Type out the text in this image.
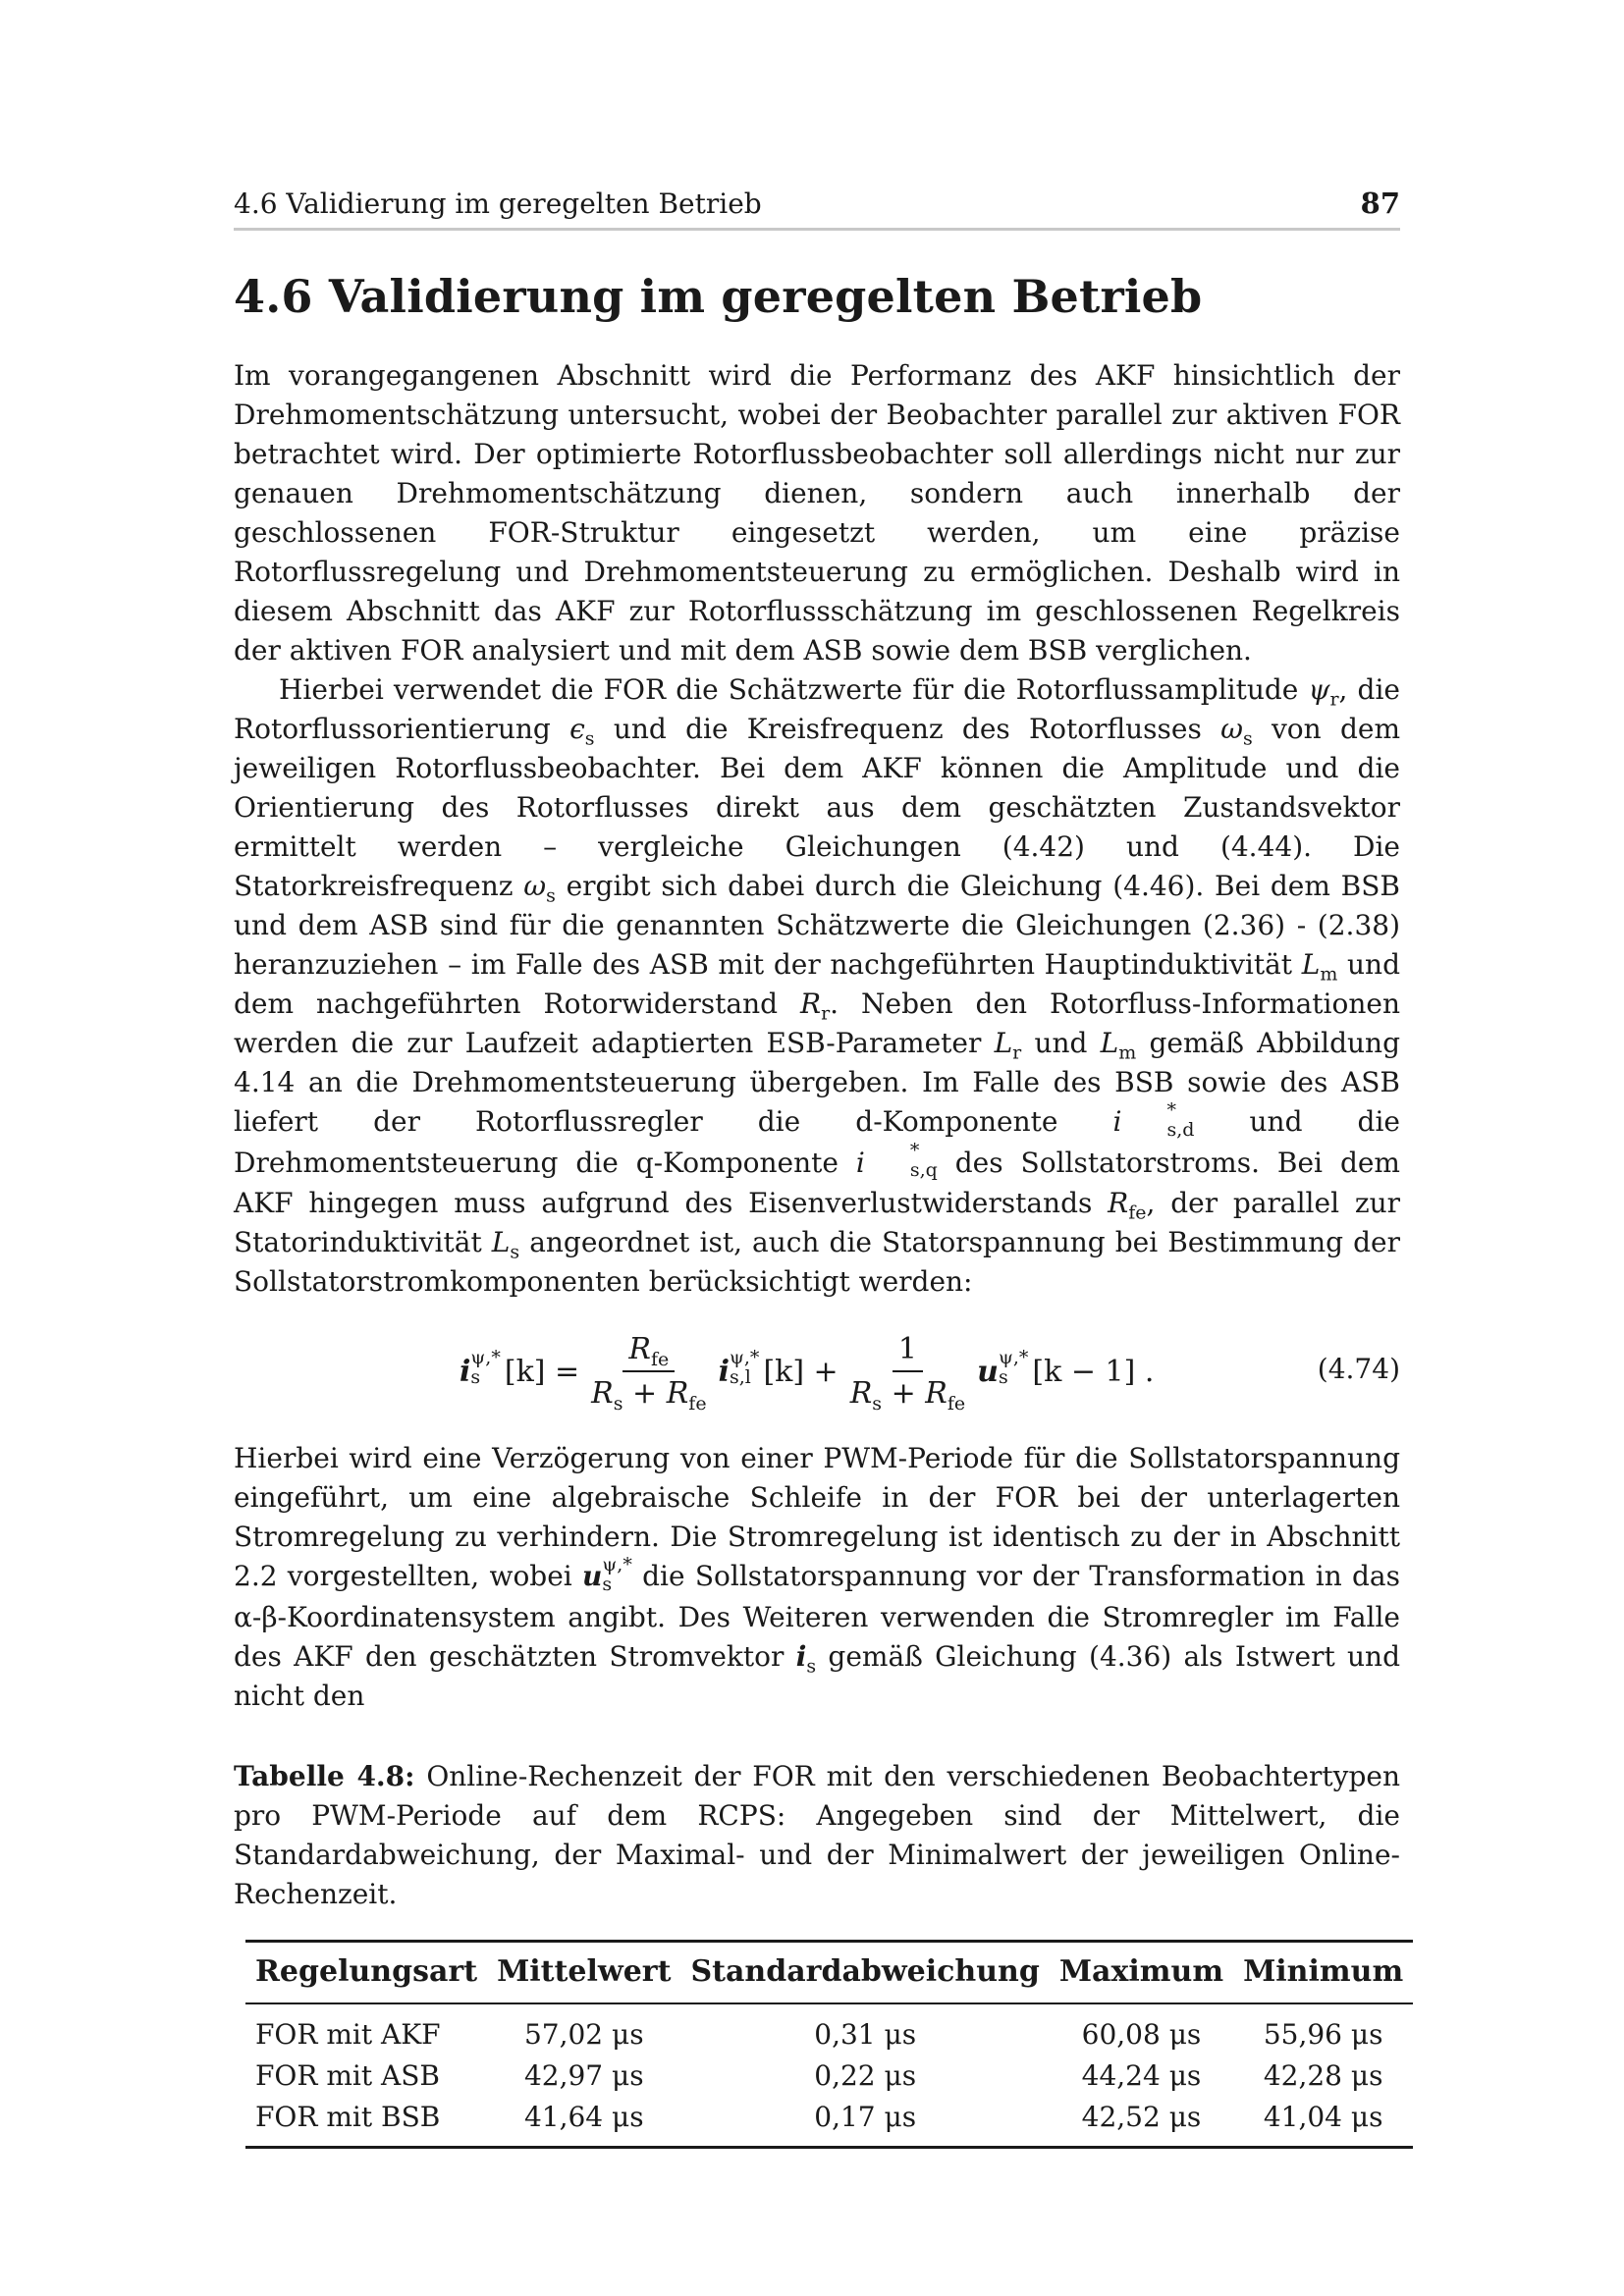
4.6 Validierung im geregelten Betrieb	87
4.6 Validierung im geregelten Betrieb

Im vorangegangenen Abschnitt wird die Performanz des AKF hinsichtlich der Drehmomentschätzung untersucht, wobei der Beobachter parallel zur aktiven FOR betrachtet wird. Der optimierte Rotorflussbeobachter soll allerdings nicht nur zur genauen Drehmomentschätzung dienen, sondern auch innerhalb der geschlossenen FOR-Struktur eingesetzt werden, um eine präzise Rotorflussregelung und Drehmomentsteuerung zu ermöglichen. Deshalb wird in diesem Abschnitt das AKF zur Rotorflussschätzung im geschlossenen Regelkreis der aktiven FOR analysiert und mit dem ASB sowie dem BSB verglichen.

Hierbei verwendet die FOR die Schätzwerte für die Rotorflussamplitude $\psi_r$, die Rotorflussorientierung $\epsilon_s$ und die Kreisfrequenz des Rotorflusses $\omega_s$ von dem jeweiligen Rotorflussbeobachter. Bei dem AKF können die Amplitude und die Orientierung des Rotorflusses direkt aus dem geschätzten Zustandsvektor ermittelt werden – vergleiche Gleichungen (4.42) und (4.44). Die Statorkreisfrequenz $\omega_s$ ergibt sich dabei durch die Gleichung (4.46). Bei dem BSB und dem ASB sind für die genannten Schätzwerte die Gleichungen (2.36) - (2.38) heranzuziehen – im Falle des ASB mit der nachgeführten Hauptinduktivität $L_m$ und dem nachgeführten Rotorwiderstand $R_r$. Neben den Rotorfluss-Informationen werden die zur Laufzeit adaptierten ESB-Parameter $L_r$ und $L_m$ gemäß Abbildung 4.14 an die Drehmomentsteuerung übergeben. Im Falle des BSB sowie des ASB liefert der Rotorflussregler die d-Komponente i	*
s,d und die Drehmomentsteuerung die q-Komponente i	*
s,q des Sollstatorstroms. Bei dem AKF hingegen muss aufgrund des Eisenverlustwiderstands $R_{fe}$, der parallel zur Statorinduktivität $L_s$ angeordnet ist, auch die Statorspannung bei Bestimmung der Sollstatorstromkomponenten berücksichtigt werden:

i ψ,*
s $[k] = \frac{R_{fe}}{R_s + R_{fe}}$ i ψ,*
s,l $[k] + \frac{1}{R_s + R_{fe}}$ u ψ,*
s [k − 1] .	(4.74)

Hierbei wird eine Verzögerung von einer PWM-Periode für die Sollstatorspannung eingeführt, um eine algebraische Schleife in der FOR bei der unterlagerten Stromregelung zu verhindern. Die Stromregelung ist identisch zu der in Abschnitt 2.2 vorgestellten, wobei u ψ,*
s die Sollstatorspannung vor der Transformation in das α-β-Koordinatensystem angibt. Des Weiteren verwenden die Stromregler im Falle des AKF den geschätzten Stromvektor $i_s$ gemäß Gleichung (4.36) als Istwert und nicht den

Tabelle 4.8: Online-Rechenzeit der FOR mit den verschiedenen Beobachtertypen pro PWM-Periode auf dem RCPS: Angegeben sind der Mittelwert, die Standardabweichung, der Maximal- und der Minimalwert der jeweiligen Online-Rechenzeit.

Regelungsart	Mittelwert	Standardabweichung	Maximum	Minimum
FOR mit AKF	57,02 μs	0,31 μs	60,08 μs	55,96 μs
FOR mit ASB	42,97 μs	0,22 μs	44,24 μs	42,28 μs
FOR mit BSB	41,64 μs	0,17 μs	42,52 μs	41,04 μs
